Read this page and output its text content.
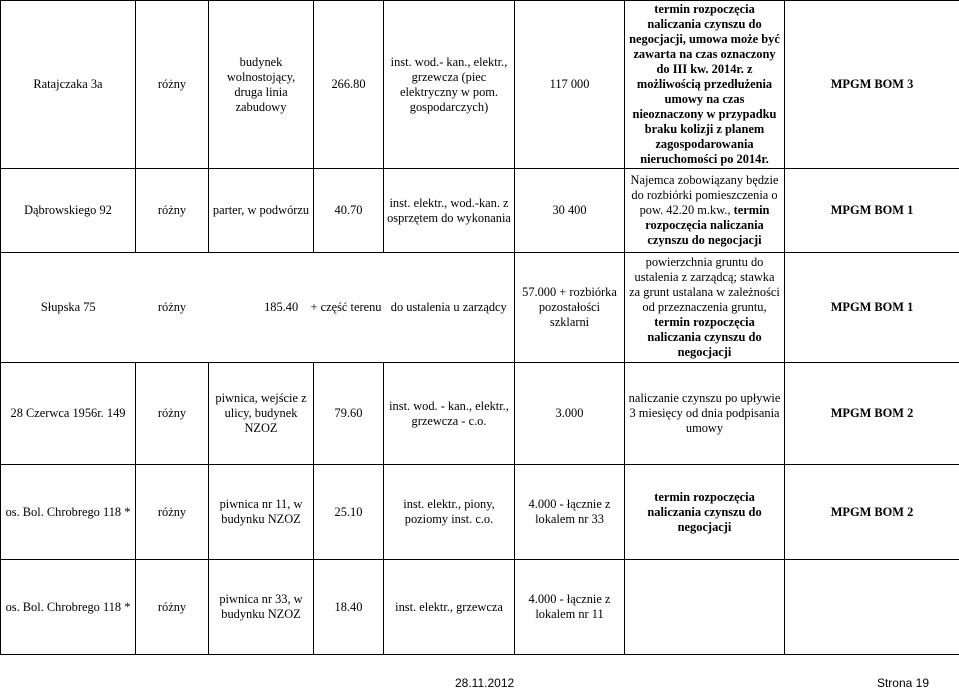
Ratajczaka 3a	różny	budynek wolnostojący, druga linia zabudowy	266.80	inst. wod.- kan., elektr., grzewcza (piec elektryczny w pom. gospodarczych)	117 000	termin rozpoczęcia naliczania czynszu do negocjacji, umowa może być zawarta na czas oznaczony do III kw. 2014r. z możliwością przedłużenia umowy na czas nieoznaczony w przypadku braku kolizji z planem zagospodarowania nieruchomości po 2014r.	MPGM BOM 3
Dąbrowskiego 92	różny	parter, w podwórzu	40.70	inst. elektr., wod.-kan. z osprzętem do wykonania	30 400	Najemca zobowiązany będzie do rozbiórki pomieszczenia o pow. 42.20 m.kw., termin rozpoczęcia naliczania czynszu do negocjacji	MPGM BOM 1
Słupska 75	różny	185.40 + część terenu		do ustalenia u zarządcy	57.000 + rozbiórka pozostałości szklarni	powierzchnia gruntu do ustalenia z zarządcą; stawka za grunt ustalana w zależności od przeznaczenia gruntu, termin rozpoczęcia naliczania czynszu do negocjacji	MPGM BOM 1
28 Czerwca 1956r. 149	różny	piwnica, wejście z ulicy, budynek NZOZ	79.60	inst. wod. - kan., elektr., grzewcza - c.o.	3.000	naliczanie czynszu po upływie 3 miesięcy od dnia podpisania umowy	MPGM BOM 2
os. Bol. Chrobrego 118 *	różny	piwnica nr 11, w budynku NZOZ	25.10	inst. elektr., piony, poziomy inst. c.o.	4.000 - łącznie z lokalem nr 33	termin rozpoczęcia naliczania czynszu do negocjacji	MPGM BOM 2
os. Bol. Chrobrego 118 *	różny	piwnica nr 33, w budynku NZOZ	18.40	inst. elektr., grzewcza	4.000 - łącznie z lokalem nr 11		
28.11.2012	Strona 19
